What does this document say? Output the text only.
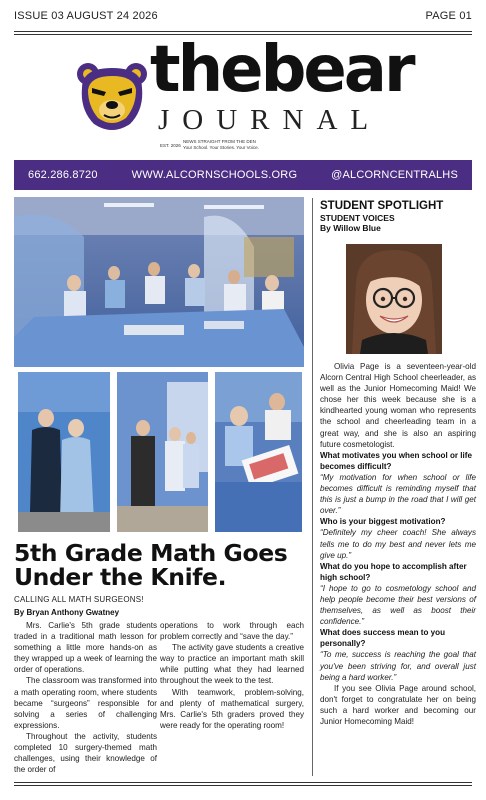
ISSUE 03 AUGUST 24 2026	PAGE 01
thebear
JOURNAL
EST. 2026
NEWS STRAIGHT FROM THE DEN
Your School. Your Stories. Your Voice.
662.286.8720	WWW.ALCORNSCHOOLS.ORG	@ALCORNCENTRALHS
5th Grade Math Goes Under the Knife.
CALLING ALL MATH SURGEONS!
By Bryan Anthony Gwatney

Mrs. Carlie's 5th grade students traded in a traditional math lesson for something a little more hands-on as they wrapped up a week of learning the order of operations.

The classroom was transformed into a math operating room, where students became “surgeons” responsible for solving a series of challenging expressions.

Throughout the activity, students completed 10 surgery-themed math challenges, using their knowledge of the order of

operations to work through each problem correctly and “save the day.”

The activity gave students a creative way to practice an important math skill while putting what they had learned throughout the week to the test.

With teamwork, problem-solving, and plenty of mathematical surgery, Mrs. Carlie's 5th graders proved they were ready for the operating room!

STUDENT SPOTLIGHT
STUDENT VOICES
By Willow Blue

Olivia Page is a seventeen-year-old Alcorn Central High School cheerleader, as well as the Junior Homecoming Maid! We chose her this week because she is a kindhearted young woman who represents the school and cheerleading team in a great way, and she is also an aspiring future cosmetologist.

What motivates you when school or life becomes difficult?

“My motivation for when school or life becomes difficult is reminding myself that this is just a bump in the road that I will get over.”

Who is your biggest motivation?

“Definitely my cheer coach! She always tells me to do my best and never lets me give up.”

What do you hope to accomplish after high school?

“I hope to go to cosmetology school and help people become their best versions of themselves, as well as boost their confidence.”

What does success mean to you personally?

“To me, success is reaching the goal that you've been striving for, and overall just being a hard worker.”

If you see Olivia Page around school, don't forget to congratulate her on being such a hard worker and becoming our Junior Homecoming Maid!
